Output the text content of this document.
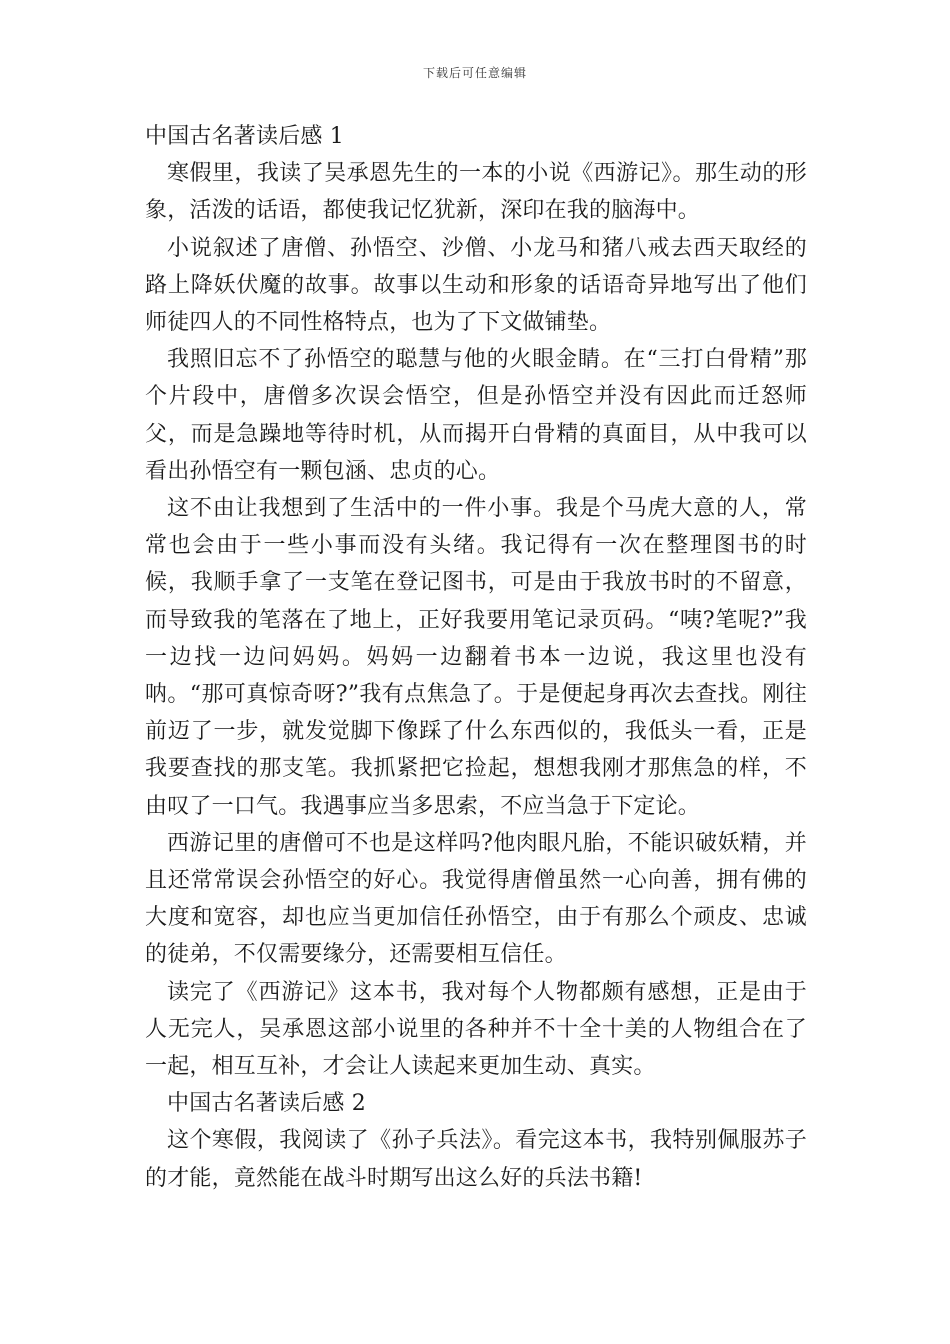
下载后可任意编辑

中国古名著读后感 1

寒假里，我读了吴承恩先生的一本的小说《西游记》。那生动的形象，活泼的话语，都使我记忆犹新，深印在我的脑海中。

小说叙述了唐僧、孙悟空、沙僧、小龙马和猪八戒去西天取经的路上降妖伏魔的故事。故事以生动和形象的话语奇异地写出了他们师徒四人的不同性格特点，也为了下文做铺垫。

我照旧忘不了孙悟空的聪慧与他的火眼金睛。在“三打白骨精”那个片段中，唐僧多次误会悟空，但是孙悟空并没有因此而迁怒师父，而是急躁地等待时机，从而揭开白骨精的真面目，从中我可以看出孙悟空有一颗包涵、忠贞的心。

这不由让我想到了生活中的一件小事。我是个马虎大意的人，常常也会由于一些小事而没有头绪。我记得有一次在整理图书的时候，我顺手拿了一支笔在登记图书，可是由于我放书时的不留意，而导致我的笔落在了地上，正好我要用笔记录页码。“咦?笔呢?”我一边找一边问妈妈。妈妈一边翻着书本一边说，我这里也没有呐。“那可真惊奇呀?”我有点焦急了。于是便起身再次去查找。刚往前迈了一步，就发觉脚下像踩了什么东西似的，我低头一看，正是我要查找的那支笔。我抓紧把它捡起，想想我刚才那焦急的样，不由叹了一口气。我遇事应当多思索，不应当急于下定论。

西游记里的唐僧可不也是这样吗?他肉眼凡胎，不能识破妖精，并且还常常误会孙悟空的好心。我觉得唐僧虽然一心向善，拥有佛的大度和宽容，却也应当更加信任孙悟空，由于有那么个顽皮、忠诚的徒弟，不仅需要缘分，还需要相互信任。

读完了《西游记》这本书，我对每个人物都颇有感想，正是由于人无完人，吴承恩这部小说里的各种并不十全十美的人物组合在了一起，相互互补，才会让人读起来更加生动、真实。

中国古名著读后感 2

这个寒假，我阅读了《孙子兵法》。看完这本书，我特别佩服苏子的才能，竟然能在战斗时期写出这么好的兵法书籍!
